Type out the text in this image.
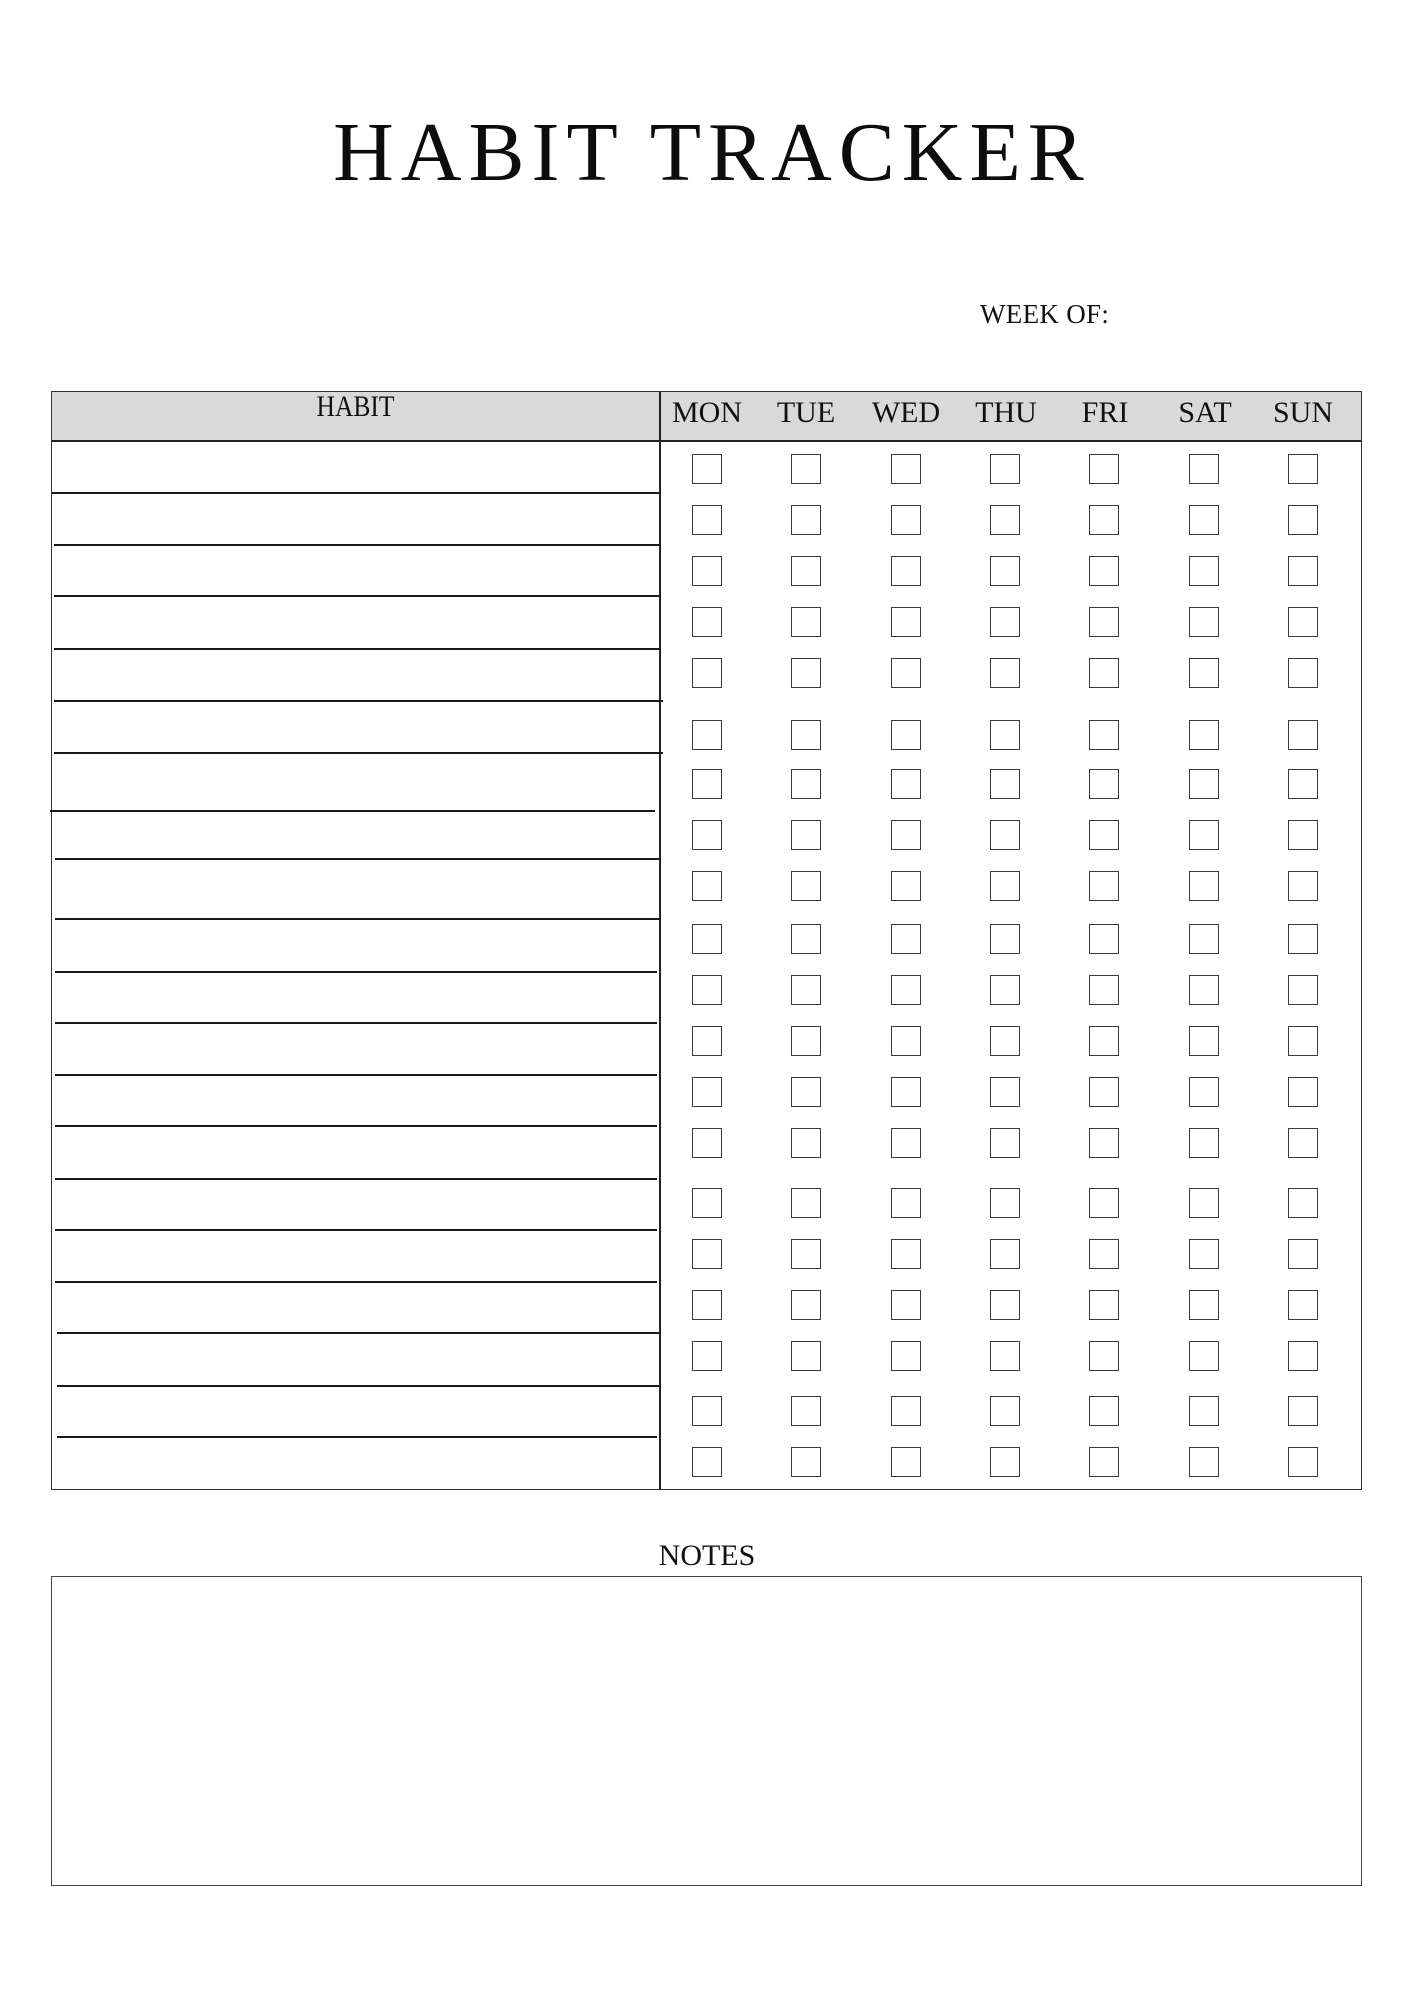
HABIT TRACKER
WEEK OF:
HABIT	MON	TUE	WED	THU	FRI	SAT	SUN
NOTES
